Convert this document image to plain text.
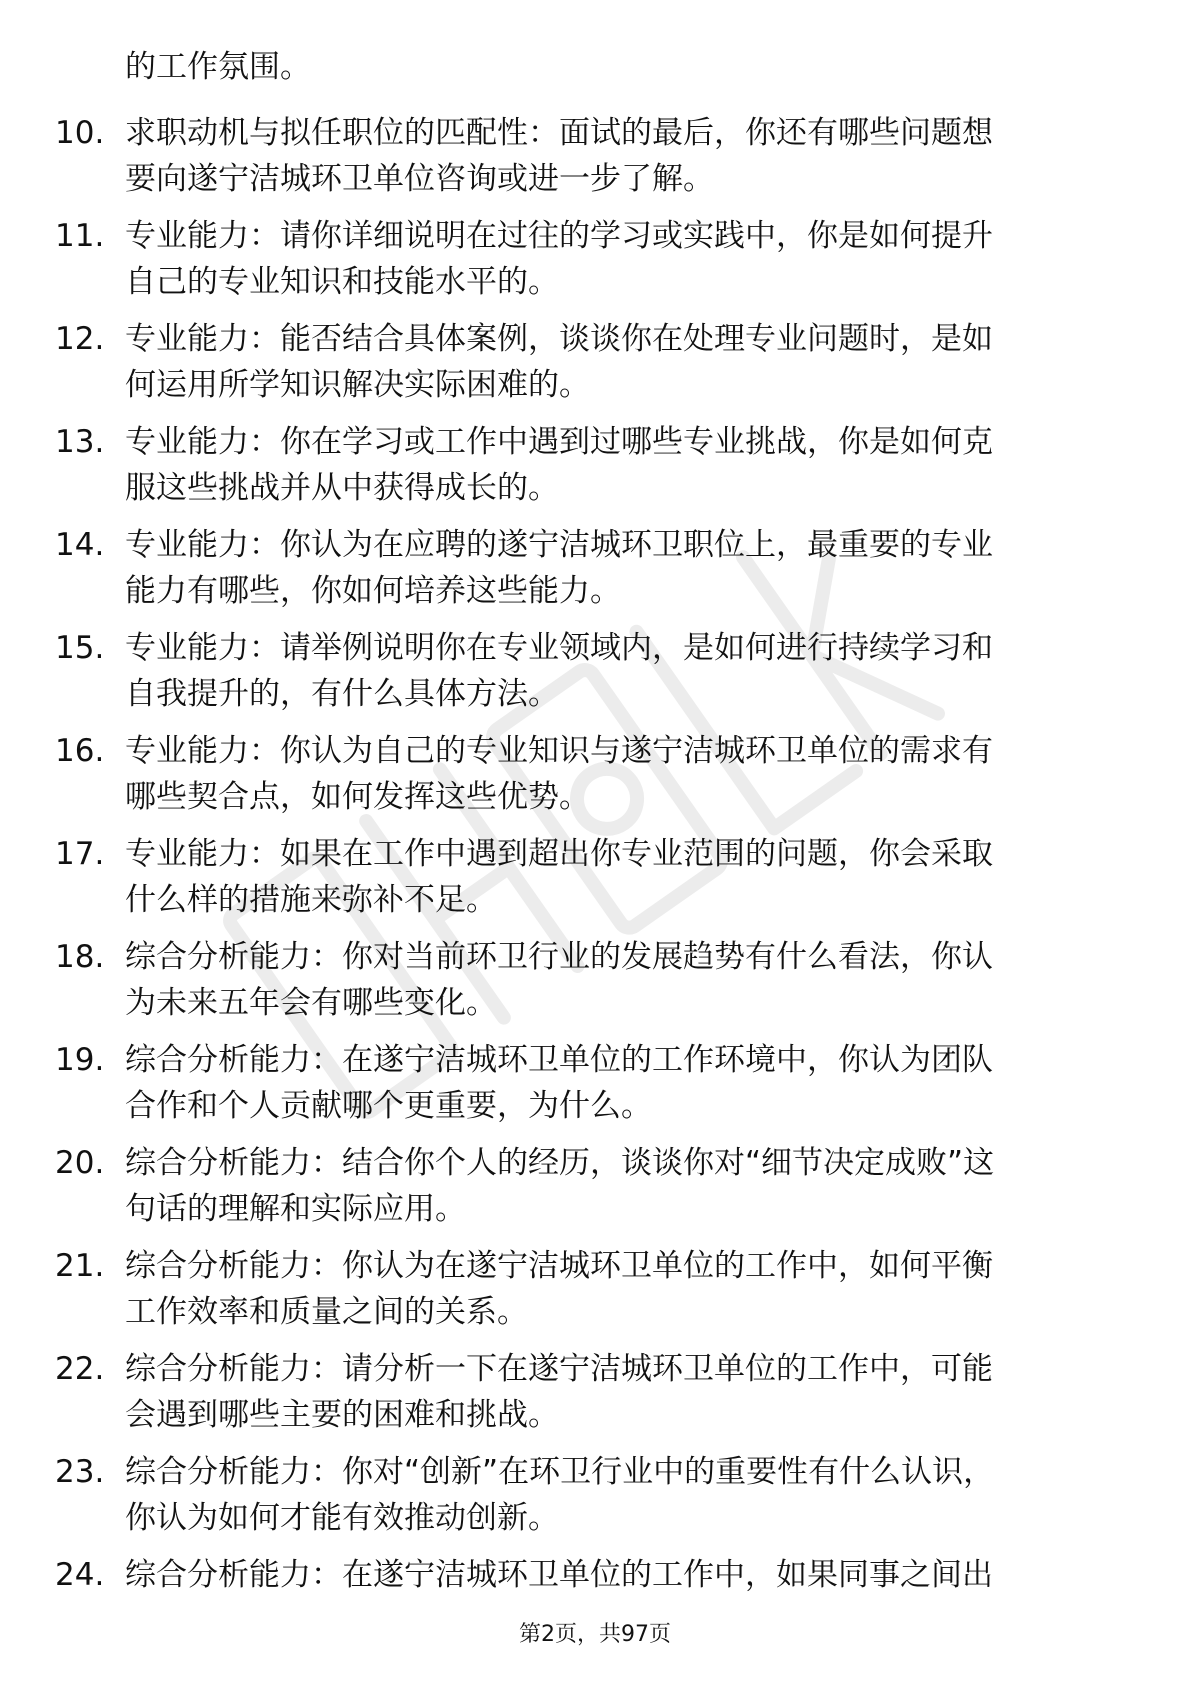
的工作氛围。
10. 求职动机与拟任职位的匹配性：面试的最后，你还有哪些问题想
要向遂宁洁城环卫单位咨询或进一步了解。
11. 专业能力：请你详细说明在过往的学习或实践中，你是如何提升
自己的专业知识和技能水平的。
12. 专业能力：能否结合具体案例，谈谈你在处理专业问题时，是如
何运用所学知识解决实际困难的。
13. 专业能力：你在学习或工作中遇到过哪些专业挑战，你是如何克
服这些挑战并从中获得成长的。
14. 专业能力：你认为在应聘的遂宁洁城环卫职位上，最重要的专业
能力有哪些，你如何培养这些能力。
15. 专业能力：请举例说明你在专业领域内，是如何进行持续学习和
自我提升的，有什么具体方法。
16. 专业能力：你认为自己的专业知识与遂宁洁城环卫单位的需求有
哪些契合点，如何发挥这些优势。
17. 专业能力：如果在工作中遇到超出你专业范围的问题，你会采取
什么样的措施来弥补不足。
18. 综合分析能力：你对当前环卫行业的发展趋势有什么看法，你认
为未来五年会有哪些变化。
19. 综合分析能力：在遂宁洁城环卫单位的工作环境中，你认为团队
合作和个人贡献哪个更重要，为什么。
20. 综合分析能力：结合你个人的经历，谈谈你对“细节决定成败”这
句话的理解和实际应用。
21. 综合分析能力：你认为在遂宁洁城环卫单位的工作中，如何平衡
工作效率和质量之间的关系。
22. 综合分析能力：请分析一下在遂宁洁城环卫单位的工作中，可能
会遇到哪些主要的困难和挑战。
23. 综合分析能力：你对“创新”在环卫行业中的重要性有什么认识，
你认为如何才能有效推动创新。
24. 综合分析能力：在遂宁洁城环卫单位的工作中，如果同事之间出
第2页，共97页
